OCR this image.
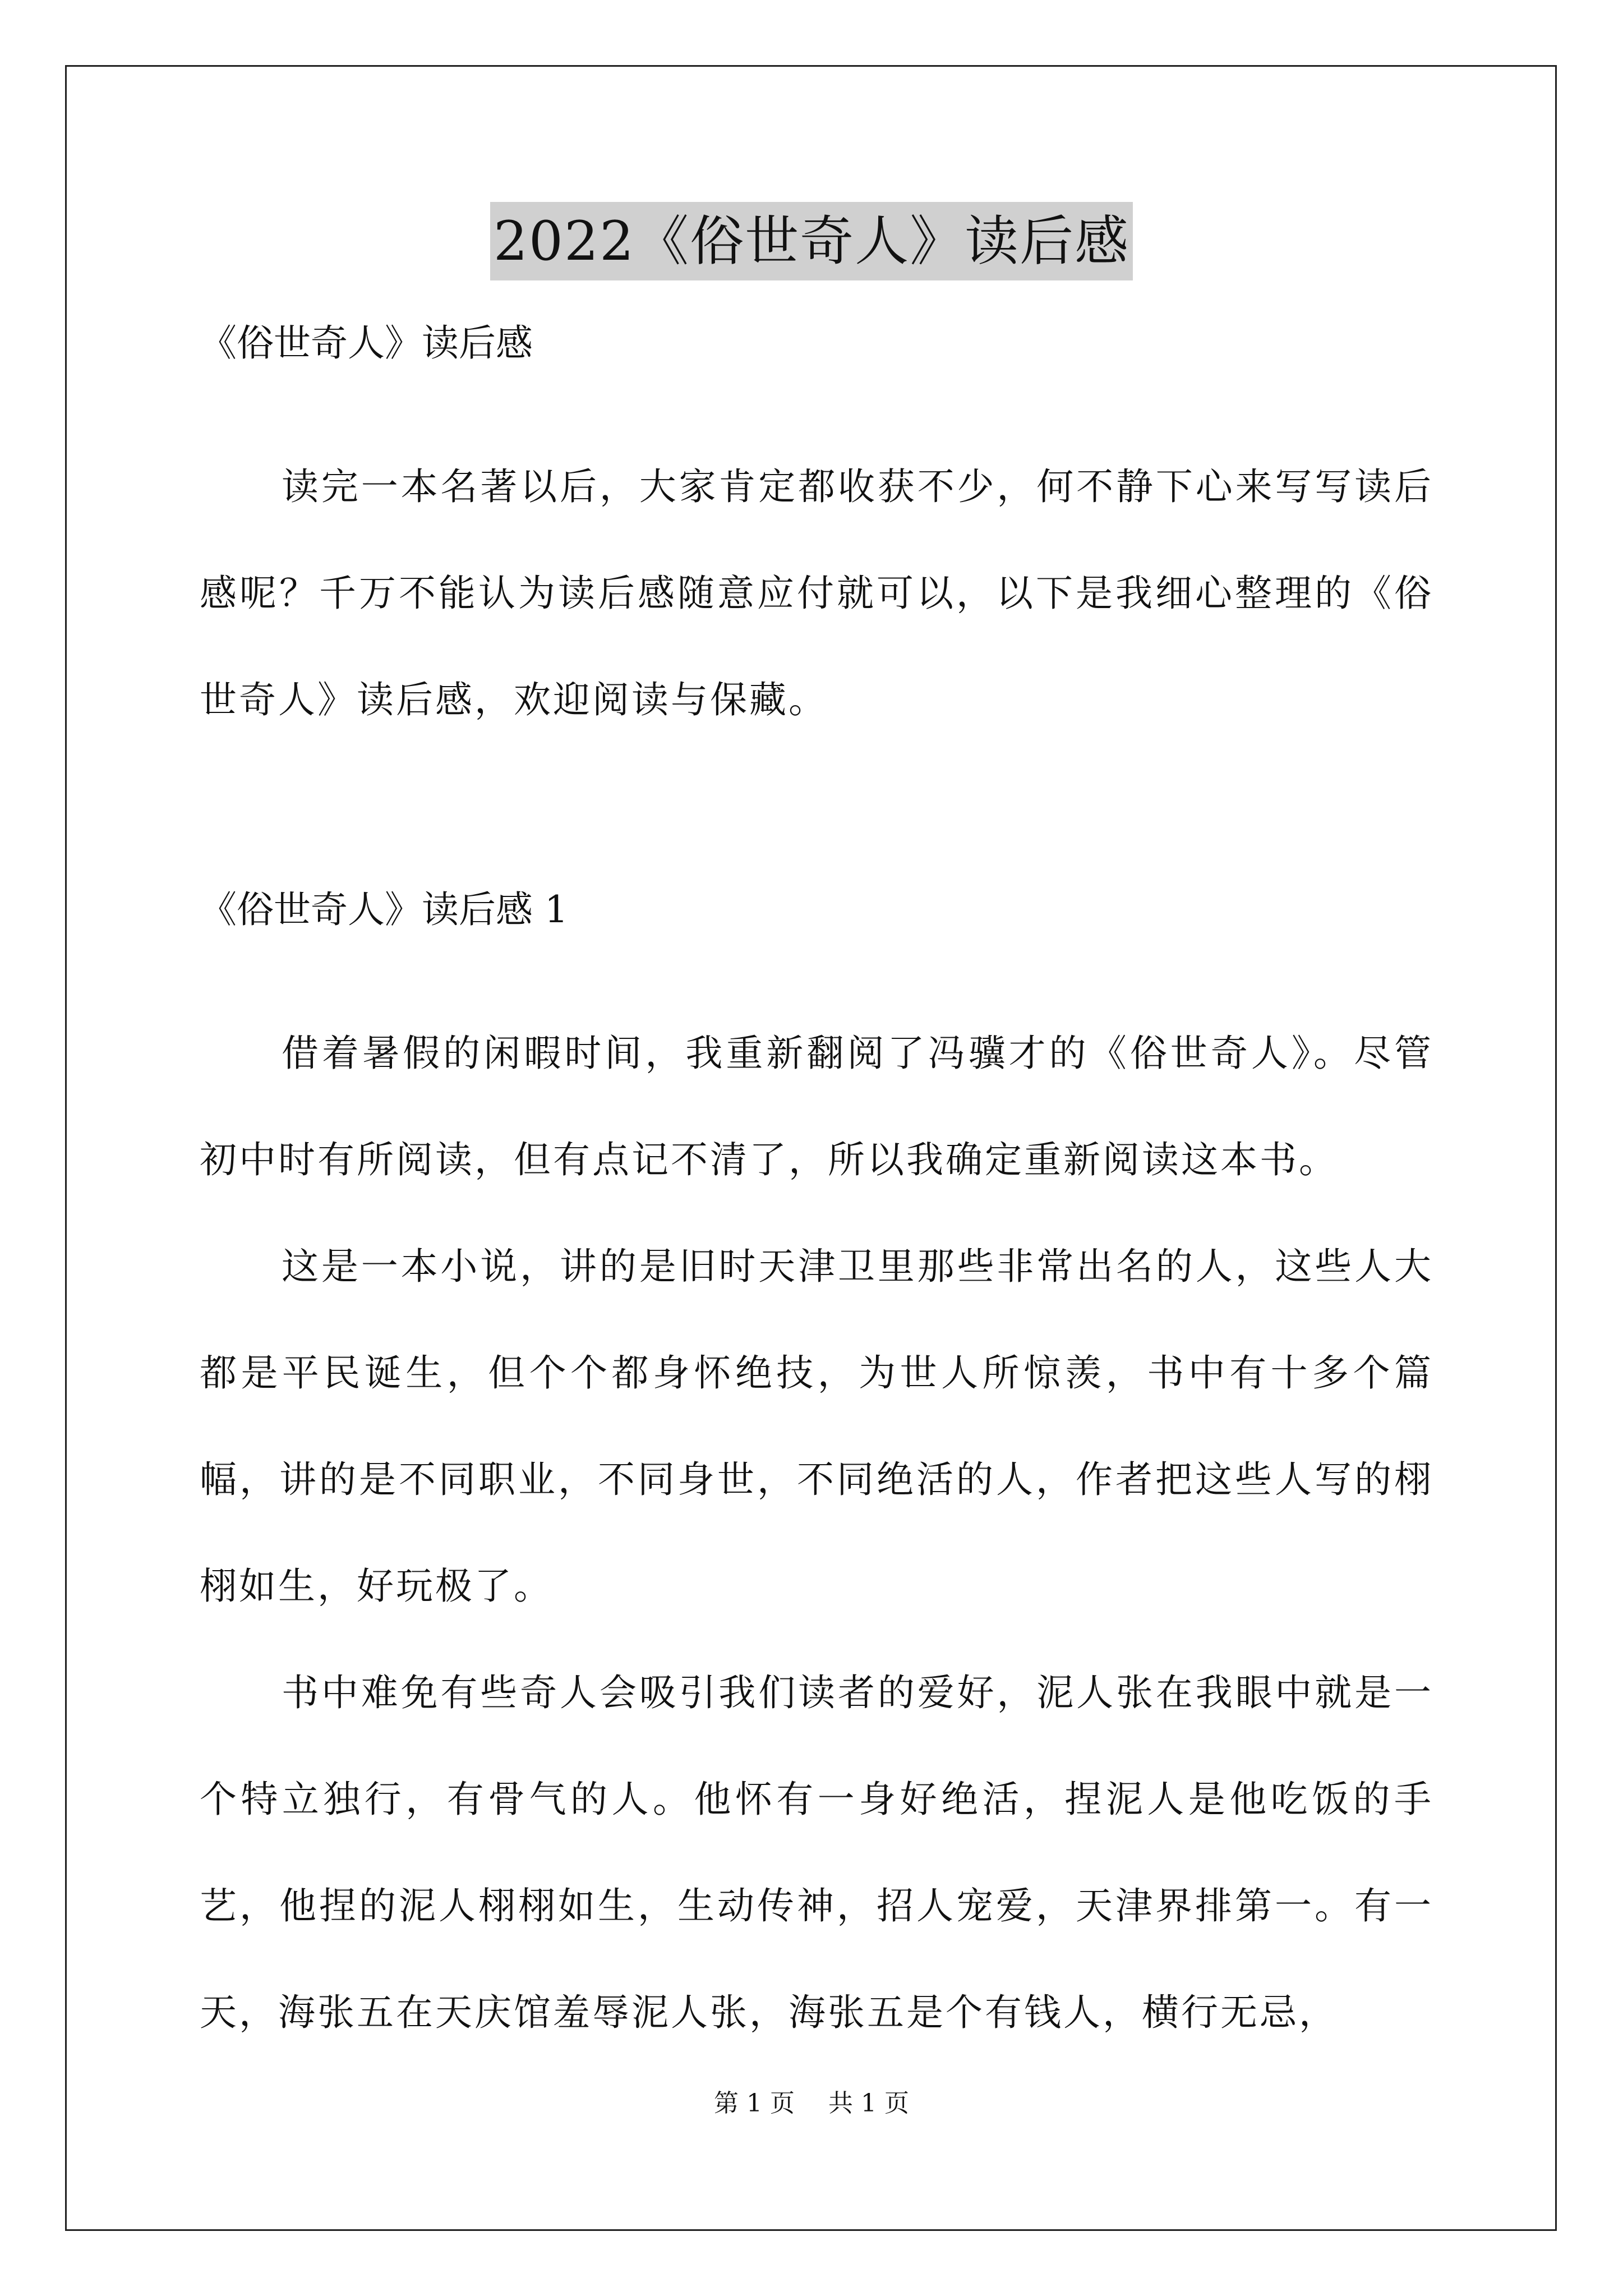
2022《俗世奇人》读后感
《俗世奇人》读后感

读完一本名著以后，大家肯定都收获不少，何不静下心来写写读后感呢？千万不能认为读后感随意应付就可以，以下是我细心整理的《俗世奇人》读后感，欢迎阅读与保藏。

《俗世奇人》读后感 1

借着暑假的闲暇时间，我重新翻阅了冯骥才的《俗世奇人》。尽管初中时有所阅读，但有点记不清了，所以我确定重新阅读这本书。

这是一本小说，讲的是旧时天津卫里那些非常出名的人，这些人大都是平民诞生，但个个都身怀绝技，为世人所惊羡，书中有十多个篇幅，讲的是不同职业，不同身世，不同绝活的人，作者把这些人写的栩栩如生，好玩极了。

书中难免有些奇人会吸引我们读者的爱好，泥人张在我眼中就是一个特立独行，有骨气的人。他怀有一身好绝活，捏泥人是他吃饭的手艺，他捏的泥人栩栩如生，生动传神，招人宠爱，天津界排第一。有一天，海张五在天庆馆羞辱泥人张，海张五是个有钱人，横行无忌，

第 1 页 共 1 页
